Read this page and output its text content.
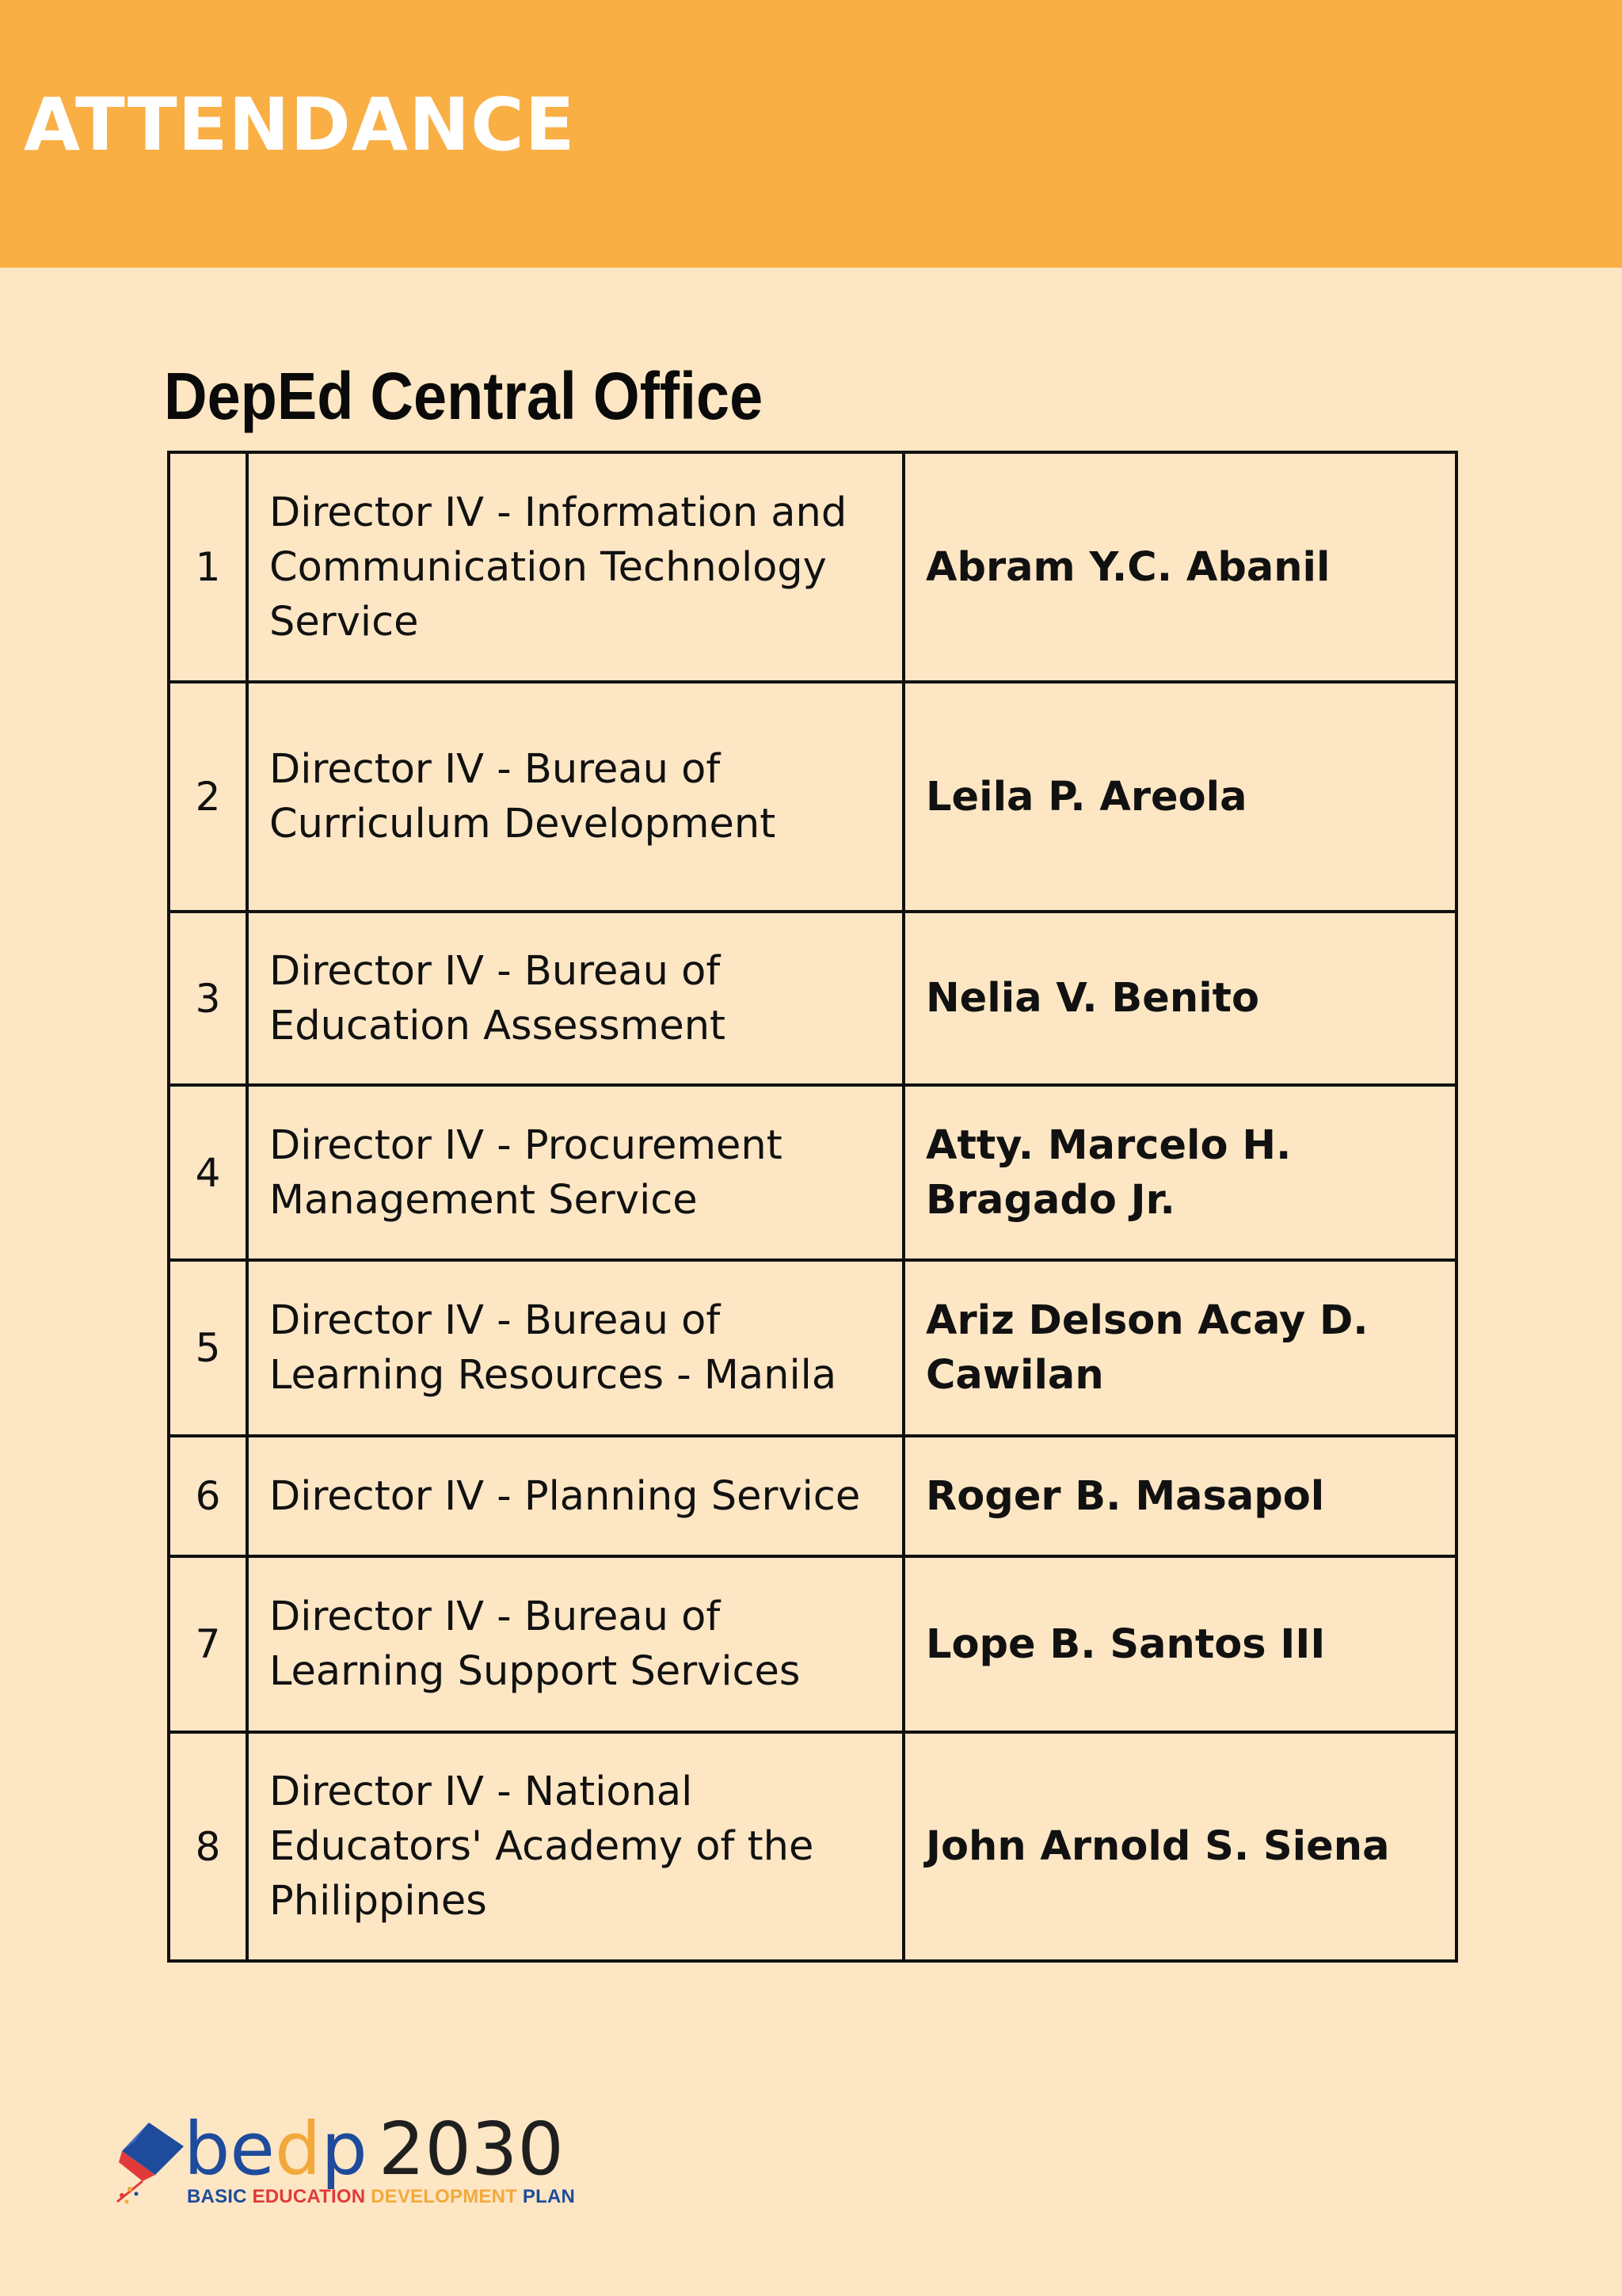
ATTENDANCE
DepEd Central Office
1	Director IV - Information and Communication Technology Service	Abram Y.C. Abanil
2	Director IV - Bureau of Curriculum Development	Leila P. Areola
3	Director IV - Bureau of Education Assessment	Nelia V. Benito
4	Director IV - Procurement Management Service	Atty. Marcelo H. Bragado Jr.
5	Director IV - Bureau of Learning Resources - Manila	Ariz Delson Acay D. Cawilan
6	Director IV - Planning Service	Roger B. Masapol
7	Director IV - Bureau of Learning Support Services	Lope B. Santos III
8	Director IV - National Educators' Academy of the Philippines	John Arnold S. Siena
bedp 2030
BASIC EDUCATION DEVELOPMENT PLAN
